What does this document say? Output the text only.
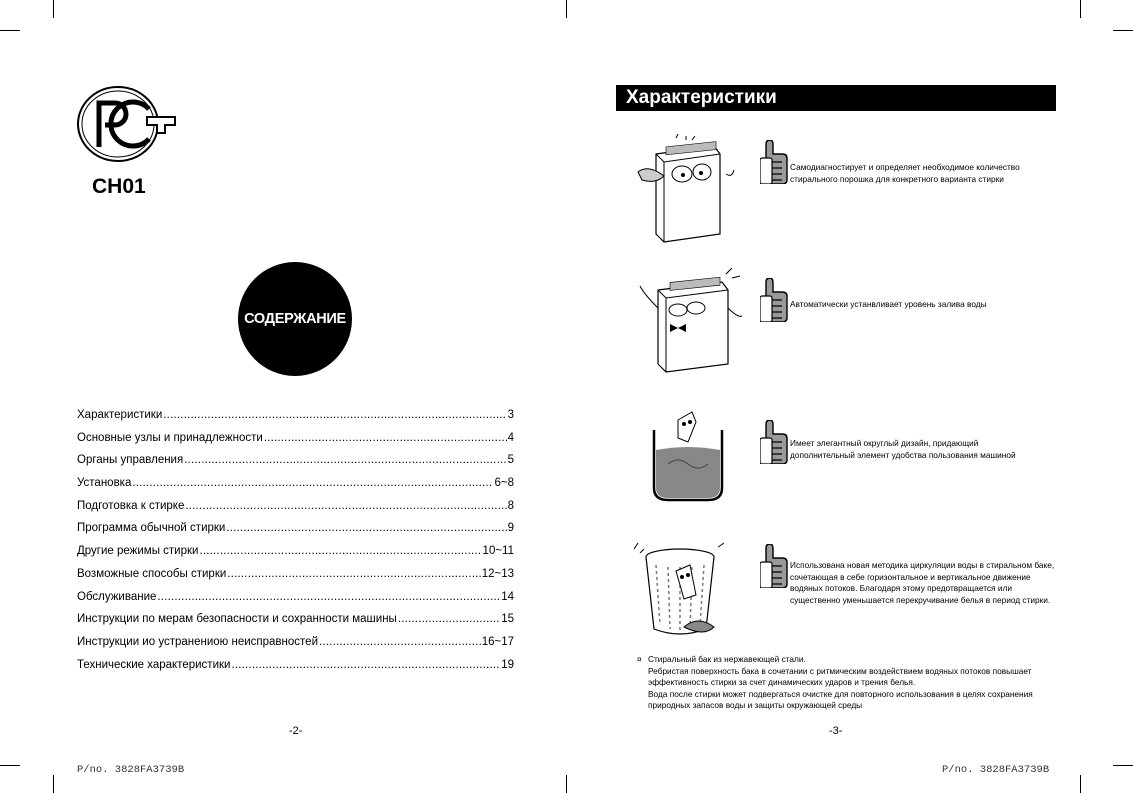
CH01
СОДЕРЖАНИЕ
Характеристики .....	3
Основные узлы и принадлежности .....	4
Органы управления .....	5
Установка .....	6~8
Подготовка к стирке .....	8
Программа обычной стирки .....	9
Другие режимы стирки .....	10~11
Возможные способы стирки .....	12~13
Обслуживание .....	14
Инструкции по мерам безопасности и сохранности машины .....	15
Инструкции ио устранениою неисправностей .....	16~17
Технические характеристики .....	19
-2-
P/no. 3828FA3739B
Характеристики
Самодиагностирует и определяет необходимое количество стирального порошка для конкретного варианта стирки
Автоматически устанвливает уровень залива воды
Имеет элегантный округлый дизайн, придающий дополнительный элемент удобства пользования машиной
Использована новая методика циркуляции воды в стиральном баке, сочетающая в себе горизонтальное и вертикальное движение водяных потоков. Благодаря этому предотвращается или существенно уменьшается перекручивание белья в период стирки.
¤ Стиральный бак из нержавеющей стали.
Ребристая поверхность бака в сочетании с ритмическим воздействием водяных потоков повышает эффективность стирки за счет динамических ударов и трения белья.
Вода после стирки может подвергаться очистке для повторного использования в целях сохранения природных запасов воды и защиты окружающей среды
-3-
P/no. 3828FA3739B
